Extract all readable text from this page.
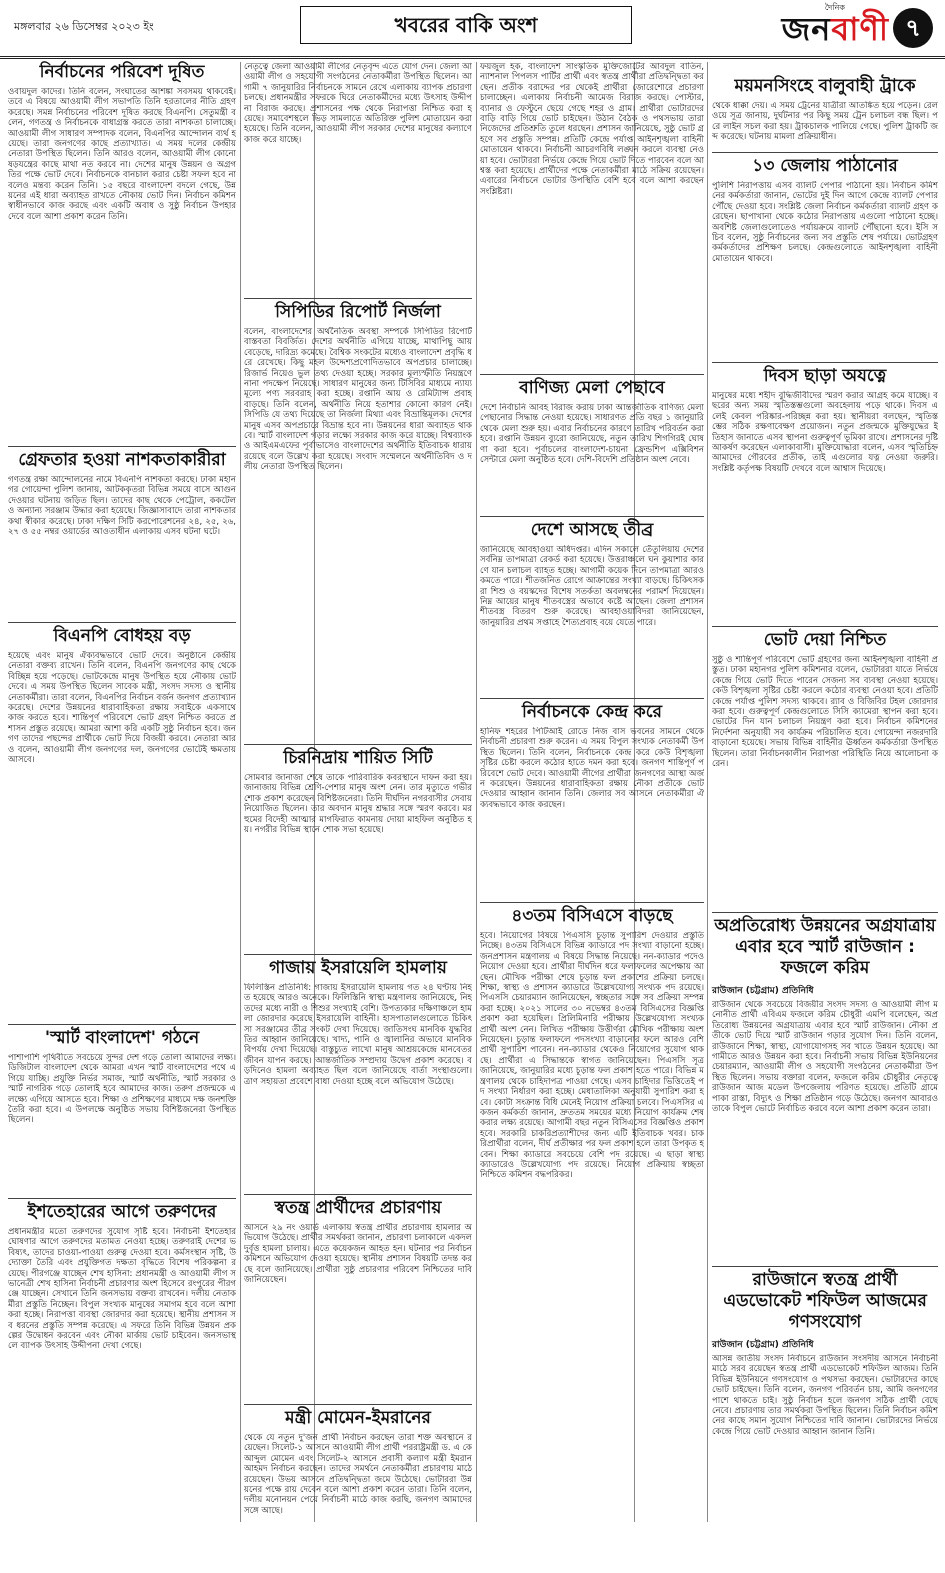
মঙ্গলবার ২৬ ডিসেম্বর ২০২৩ ইং	খবরের বাকি অংশ
দৈনিক
জনবাণী ৭
নির্বাচনের পরিবেশ দূষিত
ওবায়দুল কাদের। তিনি বলেন, সংঘাতের আশঙ্কা সবসময় থাকবেই। তবে এ বিষয়ে আওয়ামী লীগ সভাপতি তিনি হরতালের নীতি গ্রহণ করেছে। সমন্ন নির্বাচনের পরিবেশ দূষিত করছে বিএনপি। সেতুমন্ত্রী বলেন, গণতন্ত্র ও নির্বাচনকে বাধাগ্রস্ত করতে তারা নাশকতা চালাচ্ছে। আওয়ামী লীগ সাধারণ সম্পাদক বলেন, বিএনপির আন্দোলন ব্যর্থ হয়েছে। তারা জনগণের কাছে প্রত্যাখ্যাত। এ সময় দলের কেন্দ্রীয় নেতারা উপস্থিত ছিলেন। তিনি আরও বলেন, আওয়ামী লীগ কোনো ষড়যন্ত্রের কাছে মাথা নত করবে না। দেশের মানুষ উন্নয়ন ও অগ্রগতির পক্ষে ভোট দেবে। নির্বাচনকে বানচাল করার চেষ্টা সফল হবে না বলেও মন্তব্য করেন তিনি। ১৫ বছরে বাংলাদেশ বদলে গেছে, উন্নয়নের এই ধারা অব্যাহত রাখতে নৌকায় ভোট দিন। নির্বাচন কমিশন স্বাধীনভাবে কাজ করছে এবং একটি অবাধ ও সুষ্ঠু নির্বাচন উপহার দেবে বলে আশা প্রকাশ করেন তিনি।
গ্রেফতার হওয়া নাশকতাকারীরা
গণতন্ত্র রক্ষা আন্দোলনের নামে বিএনপি নাশকতা করছে। ঢাকা মহানগর গোয়েন্দা পুলিশ জানায়, আটককৃতরা বিভিন্ন সময়ে বাসে আগুন দেওয়ার ঘটনায় জড়িত ছিল। তাদের কাছ থেকে পেট্রোল, ককটেল ও অন্যান্য সরঞ্জাম উদ্ধার করা হয়েছে। জিজ্ঞাসাবাদে তারা নাশকতার কথা স্বীকার করেছে। ঢাকা দক্ষিণ সিটি করপোরেশনের ২৪, ২৫, ২৬, ২৭ ও ৫৫ নম্বর ওয়ার্ডের আওতাধীন এলাকায় এসব ঘটনা ঘটে।
বিএনপি বোধহয় বড়
হয়েছে এবং মানুষ ঐক্যবদ্ধভাবে ভোট দেবে। অনুষ্ঠানে কেন্দ্রীয় নেতারা বক্তব্য রাখেন। তিনি বলেন, বিএনপি জনগণের কাছ থেকে বিচ্ছিন্ন হয়ে পড়েছে। ভোটকেন্দ্রে মানুষ উপস্থিত হয়ে নৌকায় ভোট দেবে। এ সময় উপস্থিত ছিলেন সাবেক মন্ত্রী, সংসদ সদস্য ও স্থানীয় নেতাকর্মীরা। তারা বলেন, বিএনপির নির্বাচন বর্জন জনগণ প্রত্যাখ্যান করেছে। দেশের উন্নয়নের ধারাবাহিকতা রক্ষায় সবাইকে একসাথে কাজ করতে হবে। শান্তিপূর্ণ পরিবেশে ভোট গ্রহণ নিশ্চিত করতে প্রশাসন প্রস্তুত রয়েছে। আমরা আশা করি একটি সুষ্ঠু নির্বাচন হবে। জনগণ তাদের পছন্দের প্রার্থীকে ভোট দিয়ে বিজয়ী করবে। নেতারা আরও বলেন, আওয়ামী লীগ জনগণের দল, জনগণের ভোটেই ক্ষমতায় আসবে।
'স্মার্ট বাংলাদেশ' গঠনে
পাশাপাশি পৃথিবীতে সবচেয়ে সুন্দর দেশ গড়ে তোলা আমাদের লক্ষ্য। ডিজিটাল বাংলাদেশ থেকে আমরা এখন স্মার্ট বাংলাদেশের পথে এগিয়ে যাচ্ছি। প্রযুক্তি নির্ভর সমাজ, স্মার্ট অর্থনীতি, স্মার্ট সরকার ও স্মার্ট নাগরিক গড়ে তোলাই হবে আমাদের কাজ। তরুণ প্রজন্মকে এ লক্ষ্যে এগিয়ে আসতে হবে। শিক্ষা ও প্রশিক্ষণের মাধ্যমে দক্ষ জনশক্তি তৈরি করা হবে। এ উপলক্ষে অনুষ্ঠিত সভায় বিশিষ্টজনেরা উপস্থিত ছিলেন।
ইশতেহারের আগে তরুণদের
প্রধানমন্ত্রীর মতো তরুণদের সুযোগ সৃষ্টি হবে। নির্বাচনী ইশতেহার ঘোষণার আগে তরুণদের মতামত নেওয়া হচ্ছে। তরুণরাই দেশের ভবিষ্যৎ, তাদের চাওয়া-পাওয়া গুরুত্ব দেওয়া হবে। কর্মসংস্থান সৃষ্টি, উদ্যোক্তা তৈরি এবং প্রযুক্তিগত দক্ষতা বৃদ্ধিতে বিশেষ পরিকল্পনা রয়েছে। পীরগঞ্জে যাচ্ছেন শেখ হাসিনা: প্রধানমন্ত্রী ও আওয়ামী লীগ সভানেত্রী শেখ হাসিনা নির্বাচনী প্রচারণার অংশ হিসেবে রংপুরের পীরগঞ্জে যাচ্ছেন। সেখানে তিনি জনসভায় বক্তব্য রাখবেন। দলীয় নেতাকর্মীরা প্রস্তুতি নিচ্ছেন। বিপুল সংখ্যক মানুষের সমাগম হবে বলে আশা করা হচ্ছে। নিরাপত্তা ব্যবস্থা জোরদার করা হয়েছে। স্থানীয় প্রশাসন সব ধরনের প্রস্তুতি সম্পন্ন করেছে। এ সফরে তিনি বিভিন্ন উন্নয়ন প্রকল্পের উদ্বোধন করবেন এবং নৌকা মার্কায় ভোট চাইবেন। জনসভাস্থলে ব্যাপক উৎসাহ উদ্দীপনা দেখা গেছে।
নেতৃত্বে জেলা আওয়ামী লীগের নেতৃবৃন্দ এতে যোগ দেন। জেলা আওয়ামী লীগ ও সহযোগী সংগঠনের নেতাকর্মীরা উপস্থিত ছিলেন। আগামী ৭ জানুয়ারির নির্বাচনকে সামনে রেখে এলাকায় ব্যাপক প্রচারণা চলছে। প্রধানমন্ত্রীর সফরকে ঘিরে নেতাকর্মীদের মধ্যে উৎসাহ উদ্দীপনা বিরাজ করছে। প্রশাসনের পক্ষ থেকে নিরাপত্তা নিশ্চিত করা হয়েছে। সমাবেশস্থলে ভিড় সামলাতে অতিরিক্ত পুলিশ মোতায়েন করা হয়েছে। তিনি বলেন, আওয়ামী লীগ সরকার দেশের মানুষের কল্যাণে কাজ করে যাচ্ছে।
সিপিডির রিপোর্ট নির্জলা
বলেন, বাংলাদেশের অর্থনৈতিক অবস্থা সম্পর্কে সিপিডির রিপোর্ট বাস্তবতা বিবর্জিত। দেশের অর্থনীতি এগিয়ে যাচ্ছে, মাথাপিছু আয় বেড়েছে, দারিদ্র্য কমেছে। বৈশ্বিক সংকটের মধ্যেও বাংলাদেশ প্রবৃদ্ধি ধরে রেখেছে। কিছু মহল উদ্দেশ্যপ্রণোদিতভাবে অপপ্রচার চালাচ্ছে। রিজার্ভ নিয়েও ভুল তথ্য দেওয়া হচ্ছে। সরকার মূল্যস্ফীতি নিয়ন্ত্রণে নানা পদক্ষেপ নিয়েছে। সাধারণ মানুষের জন্য টিসিবির মাধ্যমে ন্যায্যমূল্যে পণ্য সরবরাহ করা হচ্ছে। রপ্তানি আয় ও রেমিট্যান্স প্রবাহ বাড়ছে। তিনি বলেন, অর্থনীতি নিয়ে হতাশার কোনো কারণ নেই। সিপিডি যে তথ্য দিয়েছে তা নির্জলা মিথ্যা এবং বিভ্রান্তিমূলক। দেশের মানুষ এসব অপপ্রচারে বিভ্রান্ত হবে না। উন্নয়নের ধারা অব্যাহত থাকবে। স্মার্ট বাংলাদেশ গড়ার লক্ষ্যে সরকার কাজ করে যাচ্ছে। বিশ্বব্যাংক ও আইএমএফের পূর্বাভাসেও বাংলাদেশের অর্থনীতি ইতিবাচক ধারায় রয়েছে বলে উল্লেখ করা হয়েছে। সংবাদ সম্মেলনে অর্থনীতিবিদ ও দলীয় নেতারা উপস্থিত ছিলেন।
চিরনিদ্রায় শায়িত সিটি
সোমবার জানাজা শেষে তাকে পারিবারিক কবরস্থানে দাফন করা হয়। জানাজায় বিভিন্ন শ্রেণি-পেশার মানুষ অংশ নেন। তার মৃত্যুতে গভীর শোক প্রকাশ করেছেন বিশিষ্টজনেরা। তিনি দীর্ঘদিন নগরবাসীর সেবায় নিয়োজিত ছিলেন। তার অবদান মানুষ শ্রদ্ধার সঙ্গে স্মরণ করবে। মরহুমের বিদেহী আত্মার মাগফিরাত কামনায় দোয়া মাহফিল অনুষ্ঠিত হয়। নগরীর বিভিন্ন স্থানে শোক সভা হয়েছে।
গাজায় ইসরায়েলি হামলায়
ফিলিস্তিন প্রতিনিধি: গাজায় ইসরায়েলি হামলায় গত ২৪ ঘণ্টায় নিহত হয়েছে আরও অনেকে। ফিলিস্তিনি স্বাস্থ্য মন্ত্রণালয় জানিয়েছে, নিহতদের মধ্যে নারী ও শিশুর সংখ্যাই বেশি। উপত্যকার দক্ষিণাঞ্চলে হামলা জোরদার করেছে ইসরায়েলি বাহিনী। হাসপাতালগুলোতে চিকিৎসা সরঞ্জামের তীব্র সংকট দেখা দিয়েছে। জাতিসংঘ মানবিক যুদ্ধবিরতির আহ্বান জানিয়েছে। খাদ্য, পানি ও জ্বালানির অভাবে মানবিক বিপর্যয় দেখা দিয়েছে। বাস্তুচ্যুত লাখো মানুষ আশ্রয়কেন্দ্রে মানবেতর জীবন যাপন করছে। আন্তর্জাতিক সম্প্রদায় উদ্বেগ প্রকাশ করেছে। বড়দিনেও হামলা অব্যাহত ছিল বলে জানিয়েছে বার্তা সংস্থাগুলো। ত্রাণ সহায়তা প্রবেশে বাধা দেওয়া হচ্ছে বলে অভিযোগ উঠেছে।
স্বতন্ত্র প্রার্থীদের প্রচারণায়
আসনে ২৯ নং ওয়ার্ড এলাকায় স্বতন্ত্র প্রার্থীর প্রচারণায় হামলার অভিযোগ উঠেছে। প্রার্থীর সমর্থকরা জানান, প্রচারণা চলাকালে একদল দুর্বৃত্ত হামলা চালায়। এতে কয়েকজন আহত হন। ঘটনার পর নির্বাচন কমিশনে অভিযোগ দেওয়া হয়েছে। স্থানীয় প্রশাসন বিষয়টি তদন্ত করছে বলে জানিয়েছে। প্রার্থীরা সুষ্ঠু প্রচারণার পরিবেশ নিশ্চিতের দাবি জানিয়েছেন।
মন্ত্রী মোমেন-ইমরানের
থেকে যে নতুন দু'জন প্রার্থী নির্বাচন করছেন তারা শক্ত অবস্থানে রয়েছেন। সিলেট-১ আসনে আওয়ামী লীগ প্রার্থী পররাষ্ট্রমন্ত্রী ড. এ কে আব্দুল মোমেন এবং সিলেট-২ আসনে প্রবাসী কল্যাণ মন্ত্রী ইমরান আহমদ নির্বাচন করছেন। তাদের সমর্থনে নেতাকর্মীরা প্রচারণায় মাঠে রয়েছেন। উভয় আসনে প্রতিদ্বন্দ্বিতা জমে উঠেছে। ভোটাররা উন্নয়নের পক্ষে রায় দেবেন বলে আশা প্রকাশ করেন তারা। তিনি বলেন, দলীয় মনোনয়ন পেয়ে নির্বাচনী মাঠে কাজ করছি, জনগণ আমাদের সঙ্গে আছে।
ময়মনসিংহে বালুবাহী ট্রাকে
থেকে ধাক্কা দেয়। এ সময় ট্রেনের যাত্রীরা আতঙ্কিত হয়ে পড়েন। রেলওয়ে সূত্র জানায়, দুর্ঘটনার পর কিছু সময় ট্রেন চলাচল বন্ধ ছিল। পরে লাইন সচল করা হয়। ট্রাকচালক পালিয়ে গেছে। পুলিশ ট্রাকটি জব্দ করেছে। ঘটনায় মামলা প্রক্রিয়াধীন।
১৩ জেলায় পাঠানোর
পুলিশি নিরাপত্তায় এসব ব্যালট পেপার পাঠানো হয়। নির্বাচন কমিশনের কর্মকর্তারা জানান, ভোটের দুই দিন আগে কেন্দ্রে ব্যালট পেপার পৌঁছে দেওয়া হবে। সংশ্লিষ্ট জেলা নির্বাচন কর্মকর্তারা ব্যালট গ্রহণ করেছেন। ছাপাখানা থেকে কঠোর নিরাপত্তায় এগুলো পাঠানো হচ্ছে। অবশিষ্ট জেলাগুলোতেও পর্যায়ক্রমে ব্যালট পৌঁছানো হবে। ইসি সচিব বলেন, সুষ্ঠু নির্বাচনের জন্য সব প্রস্তুতি শেষ পর্যায়ে। ভোটগ্রহণ কর্মকর্তাদের প্রশিক্ষণ চলছে। কেন্দ্রগুলোতে আইনশৃঙ্খলা বাহিনী মোতায়েন থাকবে।
দিবস ছাড়া অযত্নে
মানুষের মধ্যে শহীদ বুদ্ধিজীবীদের স্মরণ করার আগ্রহ কমে যাচ্ছে। বছরের অন্য সময় স্মৃতিস্তম্ভগুলো অবহেলায় পড়ে থাকে। দিবস এলেই কেবল পরিষ্কার-পরিচ্ছন্ন করা হয়। স্থানীয়রা বলছেন, স্মৃতিস্তম্ভের সঠিক রক্ষণাবেক্ষণ প্রয়োজন। নতুন প্রজন্মকে মুক্তিযুদ্ধের ইতিহাস জানাতে এসব স্থাপনা গুরুত্বপূর্ণ ভূমিকা রাখে। প্রশাসনের দৃষ্টি আকর্ষণ করেছেন এলাকাবাসী। মুক্তিযোদ্ধারা বলেন, এসব স্মৃতিচিহ্ন আমাদের গৌরবের প্রতীক, তাই এগুলোর যত্ন নেওয়া জরুরি। সংশ্লিষ্ট কর্তৃপক্ষ বিষয়টি দেখবে বলে আশ্বাস দিয়েছে।
ভোট দেয়া নিশ্চিত
সুষ্ঠু ও শান্তিপূর্ণ পরিবেশে ভোট গ্রহণের জন্য আইনশৃঙ্খলা বাহিনী প্রস্তুত। ঢাকা মহানগর পুলিশ কমিশনার বলেন, ভোটাররা যাতে নির্ভয়ে কেন্দ্রে গিয়ে ভোট দিতে পারেন সেজন্য সব ব্যবস্থা নেওয়া হয়েছে। কেউ বিশৃঙ্খলা সৃষ্টির চেষ্টা করলে কঠোর ব্যবস্থা নেওয়া হবে। প্রতিটি কেন্দ্রে পর্যাপ্ত পুলিশ সদস্য থাকবে। র‍্যাব ও বিজিবির টহল জোরদার করা হবে। গুরুত্বপূর্ণ কেন্দ্রগুলোতে সিসি ক্যামেরা স্থাপন করা হবে। ভোটের দিন যান চলাচল নিয়ন্ত্রণ করা হবে। নির্বাচন কমিশনের নির্দেশনা অনুযায়ী সব কার্যক্রম পরিচালিত হবে। গোয়েন্দা নজরদারি বাড়ানো হয়েছে। সভায় বিভিন্ন বাহিনীর ঊর্ধ্বতন কর্মকর্তারা উপস্থিত ছিলেন। তারা নির্বাচনকালীন নিরাপত্তা পরিস্থিতি নিয়ে আলোচনা করেন।
অপ্রতিরোধ্য উন্নয়নের অগ্রযাত্রায় এবার হবে স্মার্ট রাউজান : ফজলে করিম
রাউজান (চট্টগ্রাম) প্রতিনিধি
রাউজান থেকে সবচেয়ে বিজয়ীর সংসদ সদস্য ও আওয়ামী লীগ মনোনীত প্রার্থী এবিএম ফজলে করিম চৌধুরী এমপি বলেছেন, অপ্রতিরোধ্য উন্নয়নের অগ্রযাত্রায় এবার হবে স্মার্ট রাউজান। নৌকা প্রতীকে ভোট দিয়ে স্মার্ট রাউজান গড়ার সুযোগ দিন। তিনি বলেন, রাউজানে শিক্ষা, স্বাস্থ্য, যোগাযোগসহ সব খাতে উন্নয়ন হয়েছে। আগামীতে আরও উন্নয়ন করা হবে। নির্বাচনী সভায় বিভিন্ন ইউনিয়নের চেয়ারম্যান, আওয়ামী লীগ ও সহযোগী সংগঠনের নেতাকর্মীরা উপস্থিত ছিলেন। সভায় বক্তারা বলেন, ফজলে করিম চৌধুরীর নেতৃত্বে রাউজান আজ মডেল উপজেলায় পরিণত হয়েছে। প্রতিটি গ্রামে পাকা রাস্তা, বিদ্যুৎ ও শিক্ষা প্রতিষ্ঠান গড়ে উঠেছে। জনগণ আবারও তাকে বিপুল ভোটে নির্বাচিত করবে বলে আশা প্রকাশ করেন তারা।
রাউজানে স্বতন্ত্র প্রার্থী এডভোকেট শফিউল আজমের গণসংযোগ
রাউজান (চট্টগ্রাম) প্রতিনিধি
আসন্ন জাতীয় সংসদ নির্বাচনে রাউজান সংসদীয় আসনে নির্বাচনী মাঠে সরব রয়েছেন স্বতন্ত্র প্রার্থী এডভোকেট শফিউল আজম। তিনি বিভিন্ন ইউনিয়নে গণসংযোগ ও পথসভা করছেন। ভোটারদের কাছে ভোট চাইছেন। তিনি বলেন, জনগণ পরিবর্তন চায়, আমি জনগণের পাশে থাকতে চাই। সুষ্ঠু নির্বাচন হলে জনগণ সঠিক প্রার্থী বেছে নেবে। প্রচারণায় তার সমর্থকরা উপস্থিত ছিলেন। তিনি নির্বাচন কমিশনের কাছে সমান সুযোগ নিশ্চিতের দাবি জানান। ভোটারদের নির্ভয়ে কেন্দ্রে গিয়ে ভোট দেওয়ার আহ্বান জানান তিনি।
ফয়জুল হক, বাংলাদেশ সাংস্কৃতিক মুক্তিজোটের আবদুল বাতিন, ন্যাশনাল পিপলস পার্টির প্রার্থী এবং স্বতন্ত্র প্রার্থীরা প্রতিদ্বন্দ্বিতা করছেন। প্রতীক বরাদ্দের পর থেকেই প্রার্থীরা জোরেশোরে প্রচারণা চালাচ্ছেন। এলাকায় নির্বাচনী আমেজ বিরাজ করছে। পোস্টার, ব্যানার ও ফেস্টুনে ছেয়ে গেছে শহর ও গ্রাম। প্রার্থীরা ভোটারদের বাড়ি বাড়ি গিয়ে ভোট চাইছেন। উঠান বৈঠক ও পথসভায় তারা নিজেদের প্রতিশ্রুতি তুলে ধরছেন। প্রশাসন জানিয়েছে, সুষ্ঠু ভোট গ্রহণে সব প্রস্তুতি সম্পন্ন। প্রতিটি কেন্দ্রে পর্যাপ্ত আইনশৃঙ্খলা বাহিনী মোতায়েন থাকবে। নির্বাচনী আচরণবিধি লঙ্ঘন করলে ব্যবস্থা নেওয়া হবে। ভোটাররা নির্ভয়ে কেন্দ্রে গিয়ে ভোট দিতে পারবেন বলে আশ্বস্ত করা হয়েছে। প্রার্থীদের পক্ষে নেতাকর্মীরা মাঠে সক্রিয় রয়েছেন। এবারের নির্বাচনে ভোটার উপস্থিতি বেশি হবে বলে আশা করছেন সংশ্লিষ্টরা।
বাণিজ্য মেলা পেছাবে
দেশে নির্বাচনি আবহ বিরাজ করায় ঢাকা আন্তর্জাতিক বাণিজ্য মেলা পেছানোর সিদ্ধান্ত নেওয়া হয়েছে। সাধারণত প্রতি বছর ১ জানুয়ারি থেকে মেলা শুরু হয়। এবার নির্বাচনের কারণে তারিখ পরিবর্তন করা হবে। রপ্তানি উন্নয়ন ব্যুরো জানিয়েছে, নতুন তারিখ শিগগিরই ঘোষণা করা হবে। পূর্বাচলের বাংলাদেশ-চায়না ফ্রেন্ডশিপ এক্সিবিশন সেন্টারে মেলা অনুষ্ঠিত হবে। দেশি-বিদেশি প্রতিষ্ঠান অংশ নেবে।
দেশে আসছে তীব্র
জানিয়েছে আবহাওয়া অধিদপ্তর। এদিন সকালে তেঁতুলিয়ায় দেশের সর্বনিম্ন তাপমাত্রা রেকর্ড করা হয়েছে। উত্তরাঞ্চলে ঘন কুয়াশার কারণে যান চলাচল ব্যাহত হচ্ছে। আগামী কয়েক দিনে তাপমাত্রা আরও কমতে পারে। শীতজনিত রোগে আক্রান্তের সংখ্যা বাড়ছে। চিকিৎসকরা শিশু ও বয়স্কদের বিশেষ সতর্কতা অবলম্বনের পরামর্শ দিয়েছেন। নিম্ন আয়ের মানুষ শীতবস্ত্রের অভাবে কষ্টে আছেন। জেলা প্রশাসন শীতবস্ত্র বিতরণ শুরু করেছে। আবহাওয়াবিদরা জানিয়েছেন, জানুয়ারির প্রথম সপ্তাহে শৈত্যপ্রবাহ বয়ে যেতে পারে।
নির্বাচনকে কেন্দ্র করে
হানিফ শহরের পিটিআই রোডে নিজ বাস ভবনের সামনে থেকে নির্বাচনী প্রচারণা শুরু করেন। এ সময় বিপুল সংখ্যক নেতাকর্মী উপস্থিত ছিলেন। তিনি বলেন, নির্বাচনকে কেন্দ্র করে কেউ বিশৃঙ্খলা সৃষ্টির চেষ্টা করলে কঠোর হাতে দমন করা হবে। জনগণ শান্তিপূর্ণ পরিবেশে ভোট দেবে। আওয়ামী লীগের প্রার্থীরা জনগণের আস্থা অর্জন করেছেন। উন্নয়নের ধারাবাহিকতা রক্ষায় নৌকা প্রতীকে ভোট দেওয়ার আহ্বান জানান তিনি। জেলার সব আসনে নেতাকর্মীরা ঐক্যবদ্ধভাবে কাজ করছেন।
৪৩তম বিসিএসে বাড়ছে
হবে। নিয়োগের বিষয়ে পিএসসি চূড়ান্ত সুপারিশ দেওয়ার প্রস্তুতি নিচ্ছে। ৪৩তম বিসিএসে বিভিন্ন ক্যাডারে পদ সংখ্যা বাড়ানো হচ্ছে। জনপ্রশাসন মন্ত্রণালয় এ বিষয়ে সিদ্ধান্ত নিয়েছে। নন-ক্যাডার পদেও নিয়োগ দেওয়া হবে। প্রার্থীরা দীর্ঘদিন ধরে ফলাফলের অপেক্ষায় আছেন। মৌখিক পরীক্ষা শেষে চূড়ান্ত ফল প্রকাশের প্রক্রিয়া চলছে। শিক্ষা, স্বাস্থ্য ও প্রশাসন ক্যাডারে উল্লেখযোগ্য সংখ্যক পদ রয়েছে। পিএসসি চেয়ারম্যান জানিয়েছেন, স্বচ্ছতার সঙ্গে সব প্রক্রিয়া সম্পন্ন করা হচ্ছে। ২০২১ সালের ৩০ নভেম্বর ৪৩তম বিসিএসের বিজ্ঞপ্তি প্রকাশ করা হয়েছিল। প্রিলিমিনারি পরীক্ষায় উল্লেখযোগ্য সংখ্যক প্রার্থী অংশ নেন। লিখিত পরীক্ষায় উত্তীর্ণরা মৌখিক পরীক্ষায় অংশ নিয়েছেন। চূড়ান্ত ফলাফলে পদসংখ্যা বাড়ানোর ফলে আরও বেশি প্রার্থী সুপারিশ পাবেন। নন-ক্যাডার থেকেও নিয়োগের সুযোগ থাকছে। প্রার্থীরা এ সিদ্ধান্তকে স্বাগত জানিয়েছেন। পিএসসি সূত্র জানিয়েছে, জানুয়ারির মধ্যে চূড়ান্ত ফল প্রকাশ হতে পারে। বিভিন্ন মন্ত্রণালয় থেকে চাহিদাপত্র পাওয়া গেছে। এসব চাহিদার ভিত্তিতেই পদ সংখ্যা নির্ধারণ করা হচ্ছে। মেধাতালিকা অনুযায়ী সুপারিশ করা হবে। কোটা সংক্রান্ত বিধি মেনেই নিয়োগ প্রক্রিয়া চলবে। পিএসসির একজন কর্মকর্তা জানান, দ্রুততম সময়ের মধ্যে নিয়োগ কার্যক্রম শেষ করার লক্ষ্য রয়েছে। আগামী বছর নতুন বিসিএসের বিজ্ঞপ্তিও প্রকাশ হবে। সরকারি চাকরিপ্রত্যাশীদের জন্য এটি ইতিবাচক খবর। চাকরিপ্রার্থীরা বলেন, দীর্ঘ প্রতীক্ষার পর ফল প্রকাশ হলে তারা উপকৃত হবেন। শিক্ষা ক্যাডারে সবচেয়ে বেশি পদ রয়েছে। এ ছাড়া স্বাস্থ্য ক্যাডারেও উল্লেখযোগ্য পদ রয়েছে। নিয়োগ প্রক্রিয়ায় স্বচ্ছতা নিশ্চিতে কমিশন বদ্ধপরিকর।
